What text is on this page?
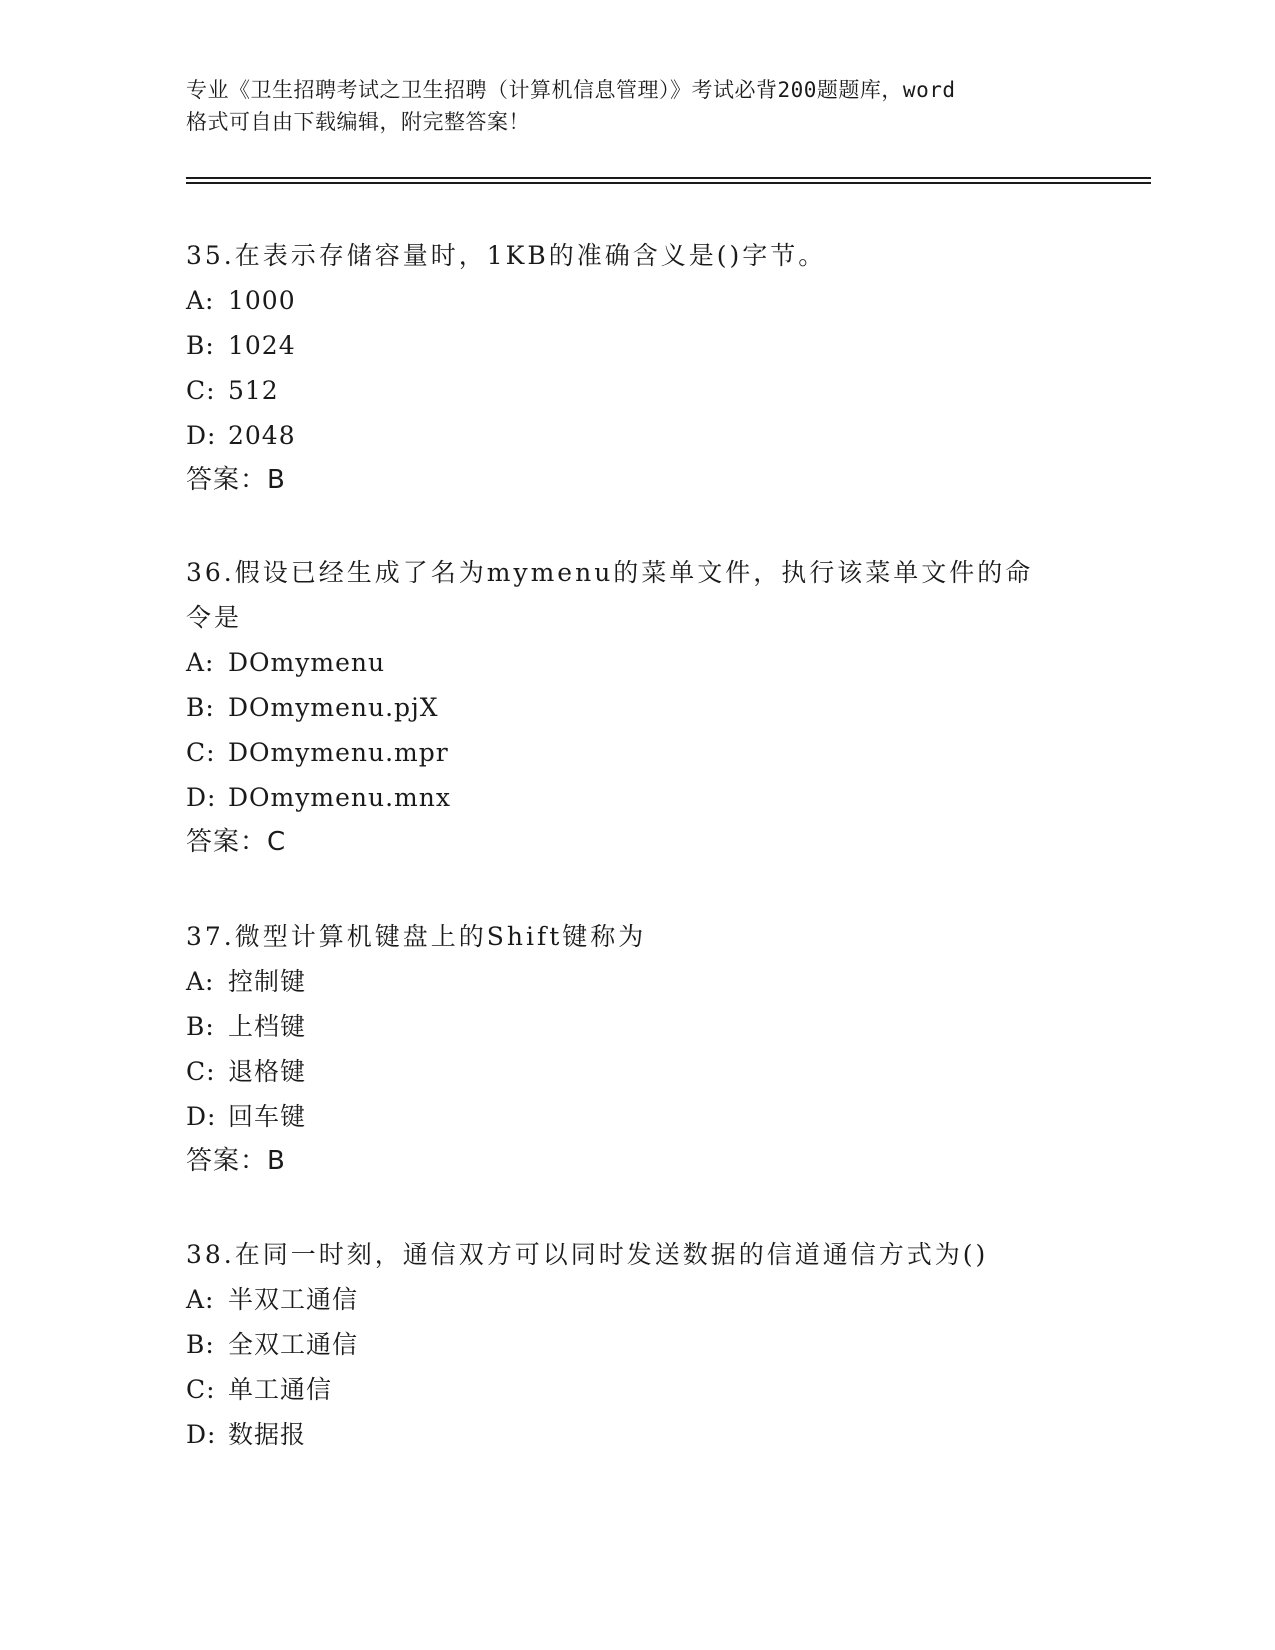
专业《卫生招聘考试之卫生招聘（计算机信息管理）》考试必背200题题库，word
格式可自由下载编辑，附完整答案！
35.在表示存储容量时，1KB的准确含义是()字节。
A: 1000
B: 1024
C: 512
D: 2048
答案：B
36.假设已经生成了名为mymenu的菜单文件，执行该菜单文件的命令是
A: DOmymenu
B: DOmymenu.pjX
C: DOmymenu.mpr
D: DOmymenu.mnx
答案：C
37.微型计算机键盘上的Shift键称为
A: 控制键
B: 上档键
C: 退格键
D: 回车键
答案：B
38.在同一时刻，通信双方可以同时发送数据的信道通信方式为()
A: 半双工通信
B: 全双工通信
C: 单工通信
D: 数据报
